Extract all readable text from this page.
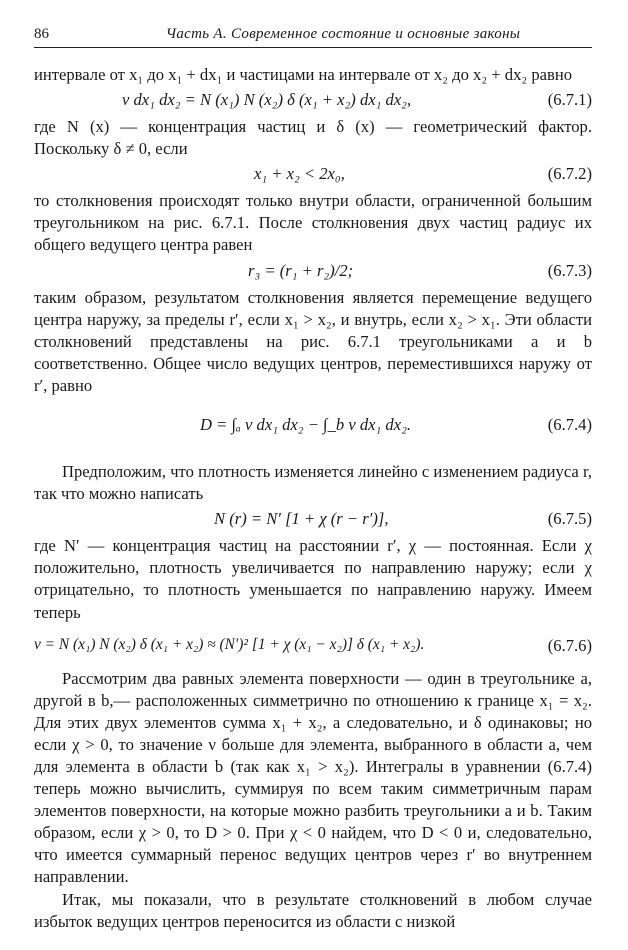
86	Часть А. Современное состояние и основные законы

интервале от x₁ до x₁ + dx₁ и частицами на интервале от x₂ до x₂ + dx₂ равно

ν dx₁ dx₂ = N (x₁) N (x₂) δ (x₁ + x₂) dx₁ dx₂,	(6.7.1)

где N (x) — концентрация частиц и δ (x) — геометрический фактор. Поскольку δ ≠ 0, если

x₁ + x₂ < 2x₀,	(6.7.2)

то столкновения происходят только внутри области, ограниченной большим треугольником на рис. 6.7.1. После столкновения двух частиц радиус их общего ведущего центра равен

r₃ = (r₁ + r₂)/2;	(6.7.3)

таким образом, результатом столкновения является перемещение ведущего центра наружу, за пределы r′, если x₁ > x₂, и внутрь, если x₂ > x₁. Эти области столкновений представлены на рис. 6.7.1 треугольниками a и b соответственно. Общее число ведущих центров, переместившихся наружу от r′, равно

D = ∫ₐ ν dx₁ dx₂ − ∫_b ν dx₁ dx₂.	(6.7.4)

Предположим, что плотность изменяется линейно с изменением радиуса r, так что можно написать

N (r) = N′ [1 + χ (r − r′)],	(6.7.5)

где N′ — концентрация частиц на расстоянии r′, χ — постоянная. Если χ положительно, плотность увеличивается по направлению наружу; если χ отрицательно, то плотность уменьшается по направлению наружу. Имеем теперь

ν = N (x₁) N (x₂) δ (x₁ + x₂) ≈ (N′)² [1 + χ (x₁ − x₂)] δ (x₁ + x₂).	(6.7.6)

Рассмотрим два равных элемента поверхности — один в треугольнике a, другой в b,— расположенных симметрично по отношению к границе x₁ = x₂. Для этих двух элементов сумма x₁ + x₂, а следовательно, и δ одинаковы; но если χ > 0, то значение ν больше для элемента, выбранного в области a, чем для элемента в области b (так как x₁ > x₂). Интегралы в уравнении (6.7.4) теперь можно вычислить, суммируя по всем таким симметричным парам элементов поверхности, на которые можно разбить треугольники a и b. Таким образом, если χ > 0, то D > 0. При χ < 0 найдем, что D < 0 и, следовательно, что имеется суммарный перенос ведущих центров через r′ во внутреннем направлении.

Итак, мы показали, что в результате столкновений в любом случае избыток ведущих центров переносится из области с низкой
